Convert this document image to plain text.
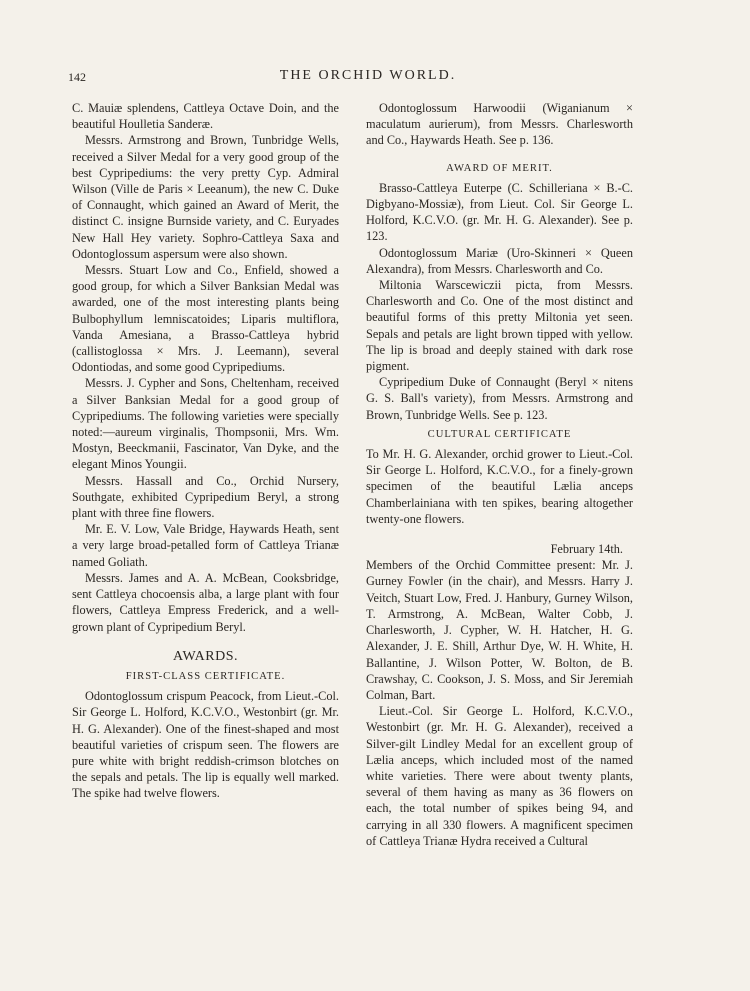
142	THE ORCHID WORLD.

C. Mauiæ splendens, Cattleya Octave Doin, and the beautiful Houlletia Sanderæ.

Messrs. Armstrong and Brown, Tunbridge Wells, received a Silver Medal for a very good group of the best Cypripediums: the very pretty Cyp. Admiral Wilson (Ville de Paris × Leeanum), the new C. Duke of Connaught, which gained an Award of Merit, the distinct C. insigne Burnside variety, and C. Euryades New Hall Hey variety. Sophro-Cattleya Saxa and Odontoglossum aspersum were also shown.

Messrs. Stuart Low and Co., Enfield, showed a good group, for which a Silver Banksian Medal was awarded, one of the most interesting plants being Bulbophyllum lemniscatoides; Liparis multiflora, Vanda Amesiana, a Brasso-Cattleya hybrid (callistoglossa × Mrs. J. Leemann), several Odontiodas, and some good Cypripediums.

Messrs. J. Cypher and Sons, Cheltenham, received a Silver Banksian Medal for a good group of Cypripediums. The following varieties were specially noted:—aureum virginalis, Thompsonii, Mrs. Wm. Mostyn, Beeckmanii, Fascinator, Van Dyke, and the elegant Minos Youngii.

Messrs. Hassall and Co., Orchid Nursery, Southgate, exhibited Cypripedium Beryl, a strong plant with three fine flowers.

Mr. E. V. Low, Vale Bridge, Haywards Heath, sent a very large broad-petalled form of Cattleya Trianæ named Goliath.

Messrs. James and A. A. McBean, Cooksbridge, sent Cattleya chocoensis alba, a large plant with four flowers, Cattleya Empress Frederick, and a well-grown plant of Cypripedium Beryl.

AWARDS.
FIRST-CLASS CERTIFICATE.

Odontoglossum crispum Peacock, from Lieut.-Col. Sir George L. Holford, K.C.V.O., Westonbirt (gr. Mr. H. G. Alexander). One of the finest-shaped and most beautiful varieties of crispum seen. The flowers are pure white with bright reddish-crimson blotches on the sepals and petals. The lip is equally well marked. The spike had twelve flowers.

Odontoglossum Harwoodii (Wiganianum × maculatum aurierum), from Messrs. Charlesworth and Co., Haywards Heath. See p. 136.

AWARD OF MERIT.

Brasso-Cattleya Euterpe (C. Schilleriana × B.-C. Digbyano-Mossiæ), from Lieut. Col. Sir George L. Holford, K.C.V.O. (gr. Mr. H. G. Alexander). See p. 123.

Odontoglossum Mariæ (Uro-Skinneri × Queen Alexandra), from Messrs. Charlesworth and Co.

Miltonia Warscewiczii picta, from Messrs. Charlesworth and Co. One of the most distinct and beautiful forms of this pretty Miltonia yet seen. Sepals and petals are light brown tipped with yellow. The lip is broad and deeply stained with dark rose pigment.

Cypripedium Duke of Connaught (Beryl × nitens G. S. Ball's variety), from Messrs. Armstrong and Brown, Tunbridge Wells. See p. 123.

CULTURAL CERTIFICATE

To Mr. H. G. Alexander, orchid grower to Lieut.-Col. Sir George L. Holford, K.C.V.O., for a finely-grown specimen of the beautiful Lælia anceps Chamberlainiana with ten spikes, bearing altogether twenty-one flowers.

February 14th.

Members of the Orchid Committee present: Mr. J. Gurney Fowler (in the chair), and Messrs. Harry J. Veitch, Stuart Low, Fred. J. Hanbury, Gurney Wilson, T. Armstrong, A. McBean, Walter Cobb, J. Charlesworth, J. Cypher, W. H. Hatcher, H. G. Alexander, J. E. Shill, Arthur Dye, W. H. White, H. Ballantine, J. Wilson Potter, W. Bolton, de B. Crawshay, C. Cookson, J. S. Moss, and Sir Jeremiah Colman, Bart.

Lieut.-Col. Sir George L. Holford, K.C.V.O., Westonbirt (gr. Mr. H. G. Alexander), received a Silver-gilt Lindley Medal for an excellent group of Lælia anceps, which included most of the named white varieties. There were about twenty plants, several of them having as many as 36 flowers on each, the total number of spikes being 94, and carrying in all 330 flowers. A magnificent specimen of Cattleya Trianæ Hydra received a Cultural
